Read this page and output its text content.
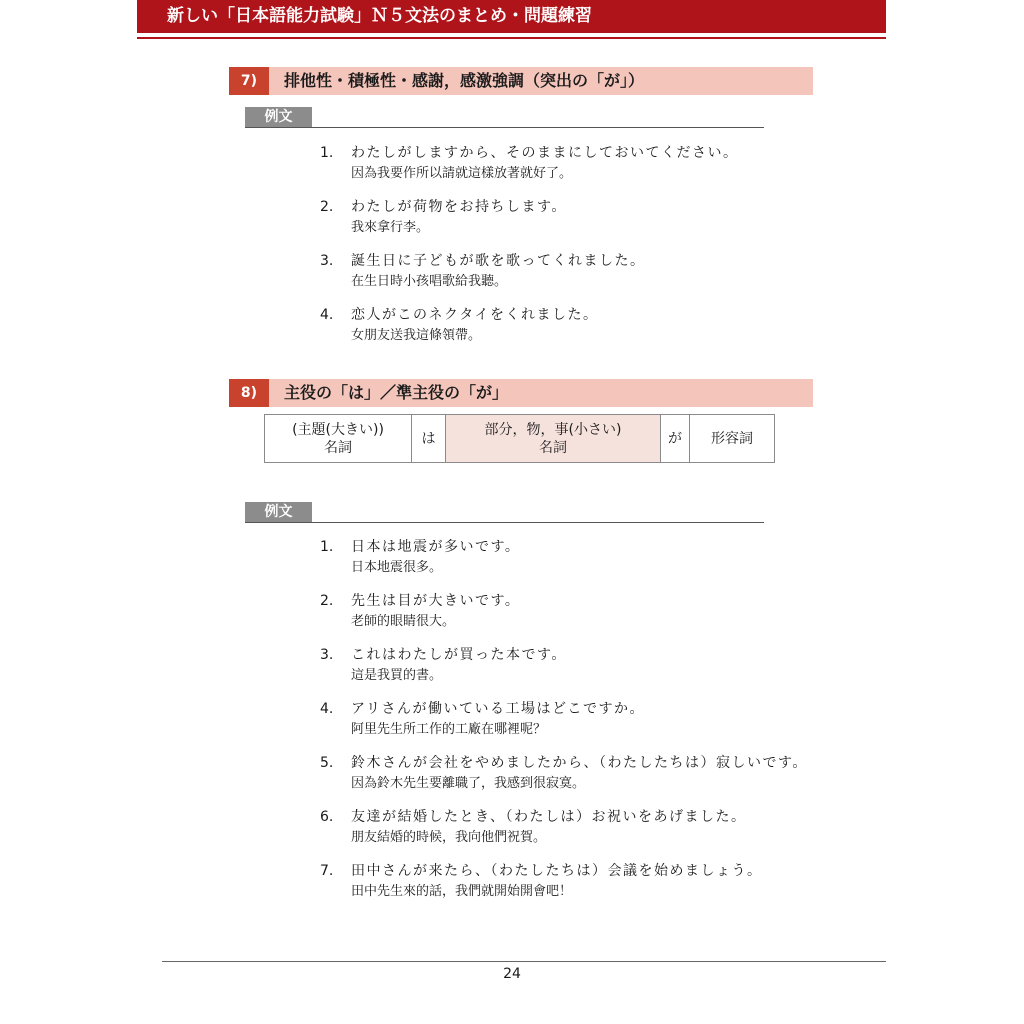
新しい「日本語能力試験」Ｎ５文法のまとめ・問題練習
7)	排他性・積極性・感謝，感激強調（突出の「が」）
例文
1. わたしがしますから、そのままにしておいてください。
因為我要作所以請就這樣放著就好了。
2. わたしが荷物をお持ちします。
我來拿行李。
3. 誕生日に子どもが歌を歌ってくれました。
在生日時小孩唱歌給我聽。
4. 恋人がこのネクタイをくれました。
女朋友送我這條領帶。
8)	主役の「は」／準主役の「が」
(主題(大きい))
名詞
	は	
部分，物，事(小さい)
名詞
	が	形容詞
例文
1. 日本は地震が多いです。
日本地震很多。
2. 先生は目が大きいです。
老師的眼睛很大。
3. これはわたしが買った本です。
這是我買的書。
4. アリさんが働いている工場はどこですか。
阿里先生所工作的工廠在哪裡呢？
5. 鈴木さんが会社をやめましたから、（わたしたちは）寂しいです。
因為鈴木先生要離職了，我感到很寂寞。
6. 友達が結婚したとき、（わたしは）お祝いをあげました。
朋友結婚的時候，我向他們祝賀。
7. 田中さんが来たら、（わたしたちは）会議を始めましょう。
田中先生來的話，我們就開始開會吧！
24
